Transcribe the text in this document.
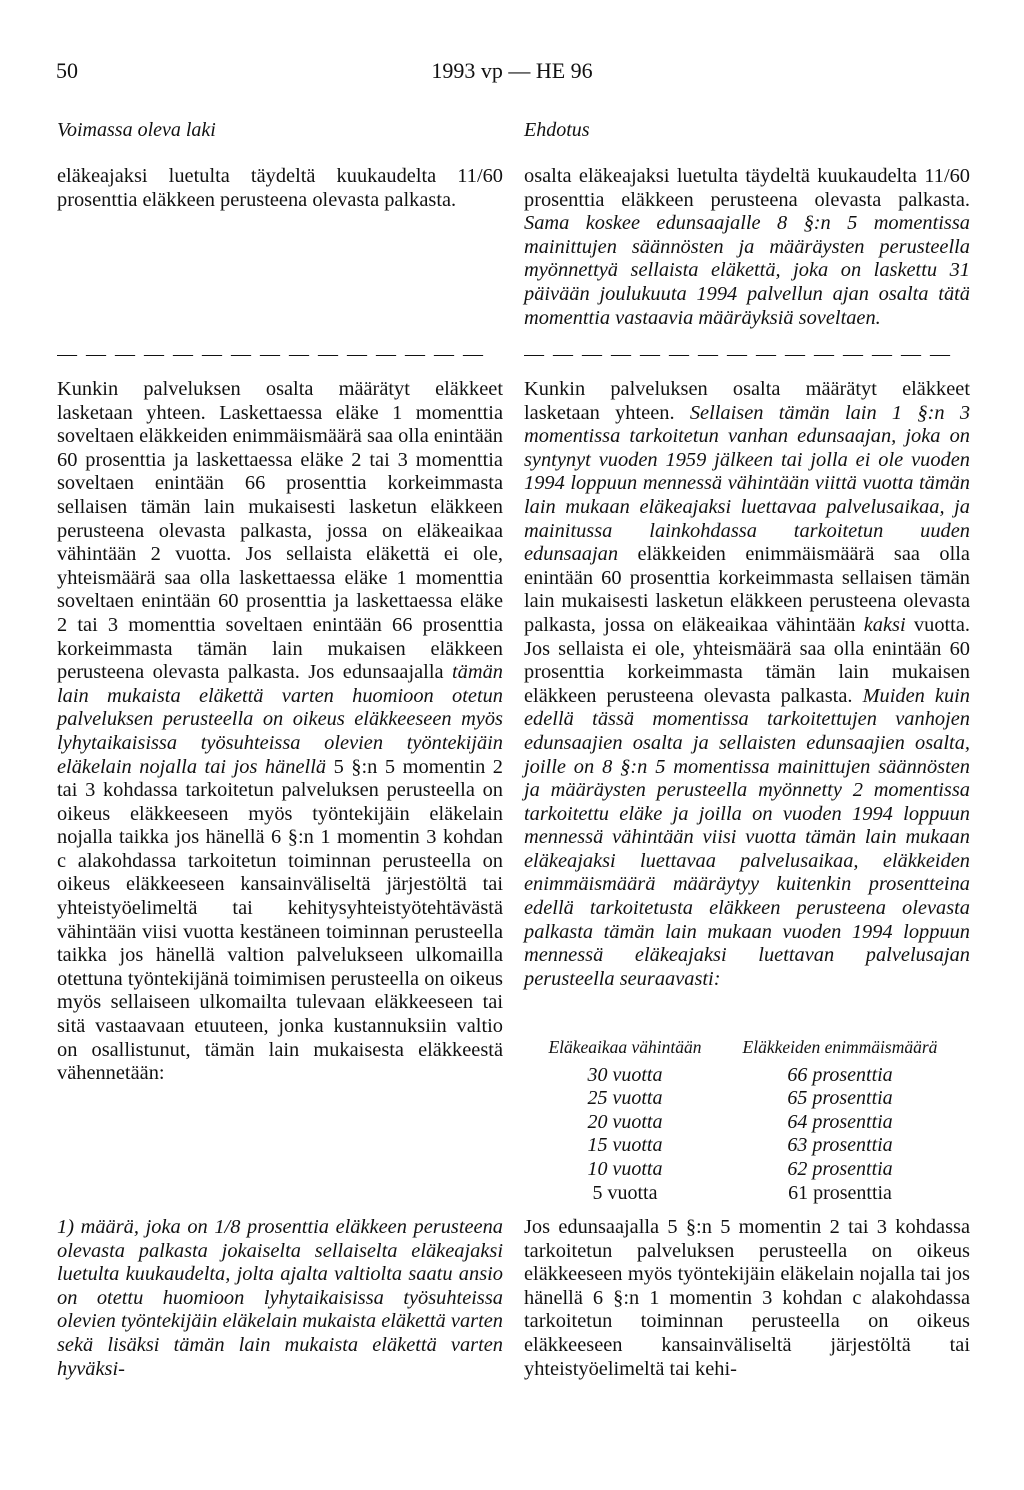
50	1993 vp — HE 96
Voimassa oleva laki

eläkeajaksi luetulta täydeltä kuukaudelta 11/60 prosenttia eläkkeen perusteena olevasta palkasta.

— — — — — — — — — — — — — — —

Kunkin palveluksen osalta määrätyt eläkkeet lasketaan yhteen. Laskettaessa eläke 1 momenttia soveltaen eläkkeiden enimmäismäärä saa olla enintään 60 prosenttia ja laskettaessa eläke 2 tai 3 momenttia soveltaen enintään 66 prosenttia korkeimmasta sellaisen tämän lain mukaisesti lasketun eläkkeen perusteena olevasta palkasta, jossa on eläkeaikaa vähintään 2 vuotta. Jos sellaista eläkettä ei ole, yhteismäärä saa olla laskettaessa eläke 1 momenttia soveltaen enintään 60 prosenttia ja laskettaessa eläke 2 tai 3 momenttia soveltaen enintään 66 prosenttia korkeimmasta tämän lain mukaisen eläkkeen perusteena olevasta palkasta. Jos edunsaajalla tämän lain mukaista eläkettä varten huomioon otetun palveluksen perusteella on oikeus eläkkeeseen myös lyhytaikaisissa työsuhteissa olevien työntekijäin eläkelain nojalla tai jos hänellä 5 §:n 5 momentin 2 tai 3 kohdassa tarkoitetun palveluksen perusteella on oikeus eläkkeeseen myös työntekijäin eläkelain nojalla taikka jos hänellä 6 §:n 1 momentin 3 kohdan c alakohdassa tarkoitetun toiminnan perusteella on oikeus eläkkeeseen kansainväliseltä järjestöltä tai yhteistyöelimeltä tai kehitysyhteistyötehtävästä vähintään viisi vuotta kestäneen toiminnan perusteella taikka jos hänellä valtion palvelukseen ulkomailla otettuna työntekijänä toimimisen perusteella on oikeus myös sellaiseen ulkomailta tulevaan eläkkeeseen tai sitä vastaavaan etuuteen, jonka kustannuksiin valtio on osallistunut, tämän lain mukaisesta eläkkeestä vähennetään:

1) määrä, joka on 1/8 prosenttia eläkkeen perusteena olevasta palkasta jokaiselta sellaiselta eläkeajaksi luetulta kuukaudelta, jolta ajalta valtiolta saatu ansio on otettu huomioon lyhytaikaisissa työsuhteissa olevien työntekijäin eläkelain mukaista eläkettä varten sekä lisäksi tämän lain mukaista eläkettä varten hyväksi-

Ehdotus

osalta eläkeajaksi luetulta täydeltä kuukaudelta 11/60 prosenttia eläkkeen perusteena olevasta palkasta. Sama koskee edunsaajalle 8 §:n 5 momentissa mainittujen säännösten ja määräysten perusteella myönnettyä sellaista eläkettä, joka on laskettu 31 päivään joulukuuta 1994 palvellun ajan osalta tätä momenttia vastaavia määräyksiä soveltaen.

— — — — — — — — — — — — — — —

Kunkin palveluksen osalta määrätyt eläkkeet lasketaan yhteen. Sellaisen tämän lain 1 §:n 3 momentissa tarkoitetun vanhan edunsaajan, joka on syntynyt vuoden 1959 jälkeen tai jolla ei ole vuoden 1994 loppuun mennessä vähintään viittä vuotta tämän lain mukaan eläkeajaksi luettavaa palvelusaikaa, ja mainitussa lainkohdassa tarkoitetun uuden edunsaajan eläkkeiden enimmäismäärä saa olla enintään 60 prosenttia korkeimmasta sellaisen tämän lain mukaisesti lasketun eläkkeen perusteena olevasta palkasta, jossa on eläkeaikaa vähintään kaksi vuotta. Jos sellaista ei ole, yhteismäärä saa olla enintään 60 prosenttia korkeimmasta tämän lain mukaisen eläkkeen perusteena olevasta palkasta. Muiden kuin edellä tässä momentissa tarkoitettujen vanhojen edunsaajien osalta ja sellaisten edunsaajien osalta, joille on 8 §:n 5 momentissa mainittujen säännösten ja määräysten perusteella myönnetty 2 momentissa tarkoitettu eläke ja joilla on vuoden 1994 loppuun mennessä vähintään viisi vuotta tämän lain mukaan eläkeajaksi luettavaa palvelusaikaa, eläkkeiden enimmäismäärä määräytyy kuitenkin prosentteina edellä tarkoitetusta eläkkeen perusteena olevasta palkasta tämän lain mukaan vuoden 1994 loppuun mennessä eläkeajaksi luettavan palvelusajan perusteella seuraavasti:

Eläkeaikaa vähintään	Eläkkeiden enimmäismäärä
30 vuotta	66 prosenttia
25 vuotta	65 prosenttia
20 vuotta	64 prosenttia
15 vuotta	63 prosenttia
10 vuotta	62 prosenttia
5 vuotta	61 prosenttia

Jos edunsaajalla 5 §:n 5 momentin 2 tai 3 kohdassa tarkoitetun palveluksen perusteella on oikeus eläkkeeseen myös työntekijäin eläkelain nojalla tai jos hänellä 6 §:n 1 momentin 3 kohdan c alakohdassa tarkoitetun toiminnan perusteella on oikeus eläkkeeseen kansainväliseltä järjestöltä tai yhteistyöelimeltä tai kehi-
